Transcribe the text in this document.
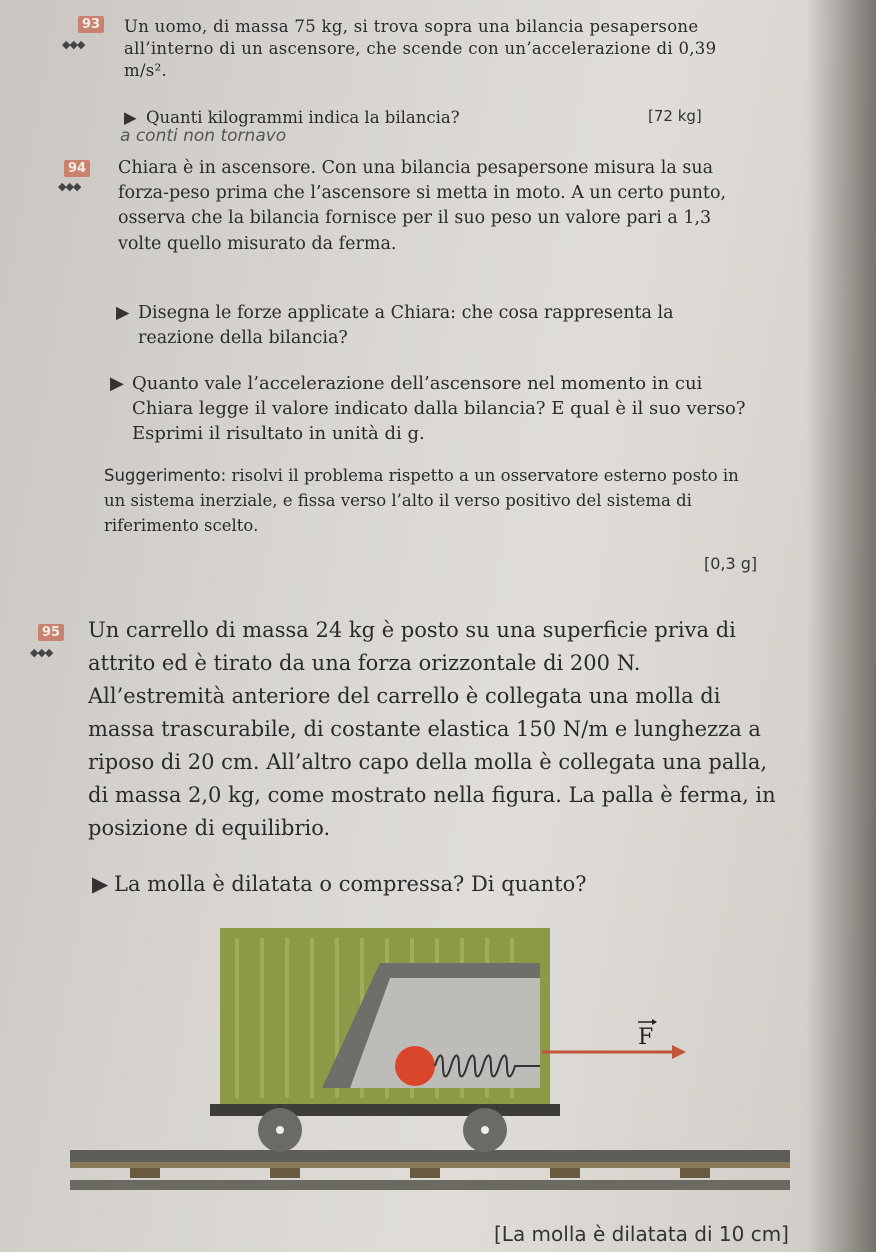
93
◆◆◆

Un uomo, di massa 75 kg, si trova sopra una bilancia pesapersone all’interno di un ascensore, che scende con un’accelerazione di 0,39 m/s².

▶ Quanti kilogrammi indica la bilancia?	[72 kg]
a conti non tornavo
94
◆◆◆

Chiara è in ascensore. Con una bilancia pesapersone misura la sua forza-peso prima che l’ascensore si metta in moto. A un certo punto, osserva che la bilancia fornisce per il suo peso un valore pari a 1,3 volte quello misurato da ferma.

▶ Disegna le forze applicate a Chiara: che cosa rappresenta la reazione della bilancia?

▶ Quanto vale l’accelerazione dell’ascensore nel momento in cui Chiara legge il valore indicato dalla bilancia? E qual è il suo verso? Esprimi il risultato in unità di g.

Suggerimento: risolvi il problema rispetto a un osservatore esterno posto in un sistema inerziale, e fissa verso l’alto il verso positivo del sistema di riferimento scelto.

[0,3 g]
95
◆◆◆

Un carrello di massa 24 kg è posto su una superficie priva di attrito ed è tirato da una forza orizzontale di 200 N. All’estremità anteriore del carrello è collegata una molla di massa trascurabile, di costante elastica 150 N/m e lunghezza a riposo di 20 cm. All’altro capo della molla è collegata una palla, di massa 2,0 kg, come mostrato nella figura. La palla è ferma, in posizione di equilibrio.

▶ La molla è dilatata o compressa? Di quanto?

[La molla è dilatata di 10 cm]
F
